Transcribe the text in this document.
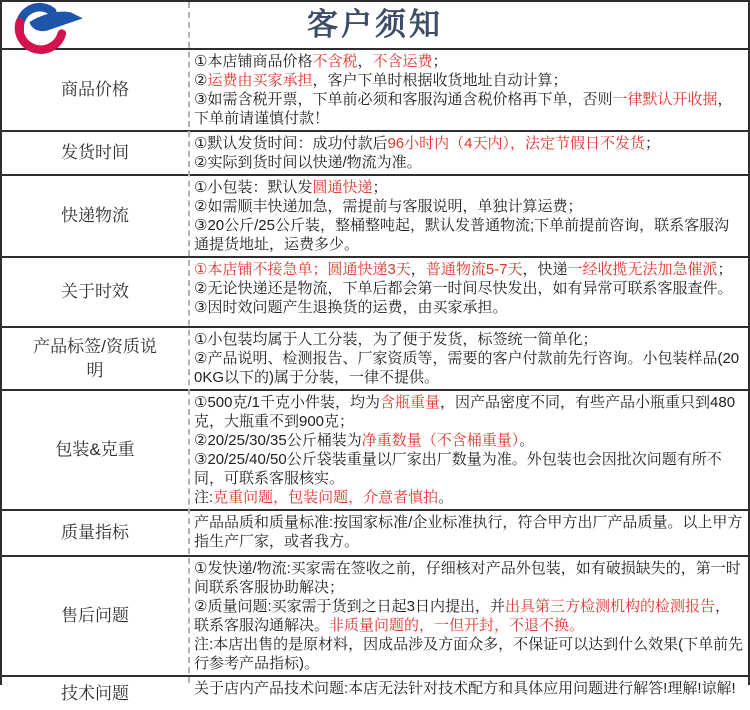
客户须知
商品价格
①本店铺商品价格不含税，不含运费；
②运费由买家承担，客户下单时根据收货地址自动计算；
③如需含税开票，下单前必须和客服沟通含税价格再下单，否则一律默认开收据，下单前请谨慎付款！
发货时间	①默认发货时间：成功付款后96小时内（4天内），法定节假日不发货；
②实际到货时间以快递/物流为准。
快递物流
①小包装：默认发圆通快递；
②如需顺丰快递加急，需提前与客服说明，单独计算运费；
③20公斤/25公斤装，整桶整吨起，默认发普通物流;下单前提前咨询，联系客服沟通提货地址，运费多少。
关于时效
①本店铺不接急单；圆通快递3天，普通物流5-7天，快递一经收揽无法加急催派；
②无论快递还是物流，下单后都会第一时间尽快发出，如有异常可联系客服查件。
③因时效问题产生退换货的运费，由买家承担。
产品标签/资质说明
①小包装均属于人工分装，为了便于发货，标签统一简单化；
②产品说明、检测报告、厂家资质等，需要的客户付款前先行咨询。小包装样品(200KG以下的)属于分装，一律不提供。
包装&克重
①500克/1千克小件装，均为含瓶重量，因产品密度不同，有些产品小瓶重只到480克，大瓶重不到900克；
②20/25/30/35公斤桶装为净重数量（不含桶重量）。
③20/25/40/50公斤袋装重量以厂家出厂数量为准。外包装也会因批次问题有所不同，可联系客服核实。
注:克重问题，包装问题，介意者慎拍。
质量指标
产品品质和质量标准:按国家标准/企业标准执行，符合甲方出厂产品质量。以上甲方指生产厂家，或者我方。
售后问题
①发快递/物流:买家需在签收之前，仔细核对产品外包装，如有破损缺失的，第一时间联系客服协助解决；
②质量问题:买家需于货到之日起3日内提出，并出具第三方检测机构的检测报告，联系客服沟通解决。非质量问题的，一但开封，不退不换。
注:本店出售的是原材料，因成品涉及方面众多，不保证可以达到什么效果(下单前先行参考产品指标)。
技术问题	关于店内产品技术问题:本店无法针对技术配方和具体应用问题进行解答!理解!谅解!
